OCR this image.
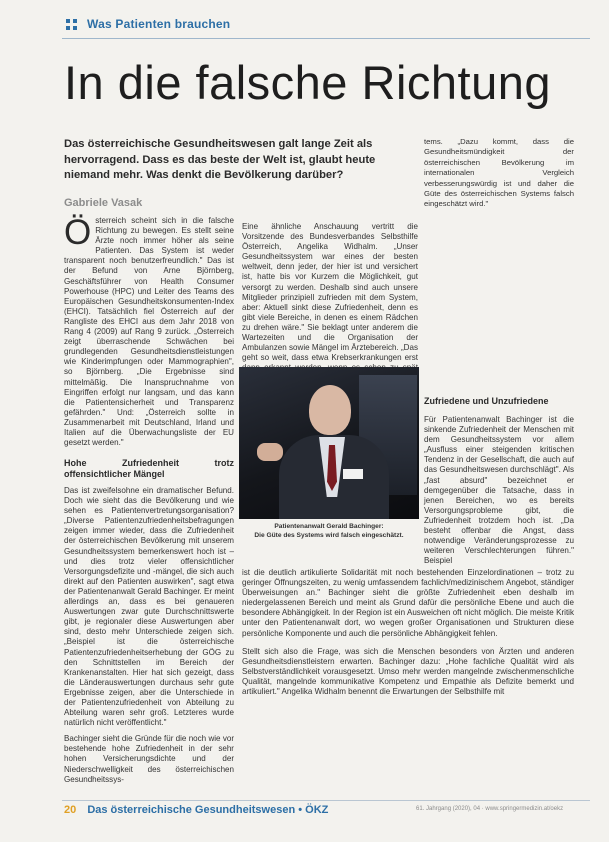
Was Patienten brauchen
In die falsche Richtung
Das österreichische Gesundheitswesen galt lange Zeit als hervorragend. Dass es das beste der Welt ist, glaubt heute niemand mehr. Was denkt die Bevölkerung darüber?
Gabriele Vasak

tems. „Dazu kommt, dass die Gesundheitsmündigkeit der österreichischen Bevölkerung im internationalen Vergleich verbesserungswürdig ist und daher die Güte des österreichischen Systems falsch eingeschätzt wird."

Ö sterreich scheint sich in die falsche Richtung zu bewegen. Es stellt seine Ärzte noch immer höher als seine Patienten. Das System ist weder transparent noch benutzerfreundlich." Das ist der Befund von Arne Björnberg, Geschäftsführer von Health Consumer Powerhouse (HPC) und Leiter des Teams des Europäischen Gesundheitskonsumenten-Index (EHCI). Tatsächlich fiel Österreich auf der Rangliste des EHCI aus dem Jahr 2018 von Rang 4 (2009) auf Rang 9 zurück. „Österreich zeigt überraschende Schwächen bei grundlegenden Gesundheitsdienstleistungen wie Kinderimpfungen oder Mammographien", so Björnberg. „Die Ergebnisse sind mittelmäßig. Die Inanspruchnahme von Eingriffen erfolgt nur langsam, und das kann die Patientensicherheit und Transparenz gefährden." Und: „Österreich sollte in Zusammenarbeit mit Deutschland, Irland und Italien auf die Überwachungsliste der EU gesetzt werden."

Hohe Zufriedenheit trotz offensichtlicher Mängel

Das ist zweifelsohne ein dramatischer Befund. Doch wie sieht das die Bevölkerung und wie sehen es Patientenvertretungsorganisation? „Diverse Patientenzufriedenheitsbefragungen zeigen immer wieder, dass die Zufriedenheit der österreichischen Bevölkerung mit unserem Gesundheitssystem bemerkenswert hoch ist – und dies trotz vieler offensichtlicher Versorgungsdefizite und -mängel, die sich auch direkt auf den Patienten auswirken", sagt etwa der Patientenanwalt Gerald Bachinger. Er meint allerdings an, dass es bei genaueren Auswertungen zwar gute Durchschnittswerte gibt, je regionaler diese Auswertungen aber sind, desto mehr Unterschiede zeigen sich. „Beispiel ist die österreichische Patientenzufriedenheitserhebung der GÖG zu den Schnittstellen im Bereich der Krankenanstalten. Hier hat sich gezeigt, dass die Länderauswertungen durchaus sehr gute Ergebnisse zeigen, aber die Unterschiede in der Patientenzufriedenheit von Abteilung zu Abteilung waren sehr groß. Letzteres wurde natürlich nicht veröffentlicht."

Bachinger sieht die Gründe für die noch wie vor bestehende hohe Zufriedenheit in der sehr hohen Versicherungsdichte und der Niederschwelligkeit des österreichischen Gesundheitssys-

Eine ähnliche Anschauung vertritt die Vorsitzende des Bundesverbandes Selbsthilfe Österreich, Angelika Widhalm. „Unser Gesundheitssystem war eines der besten weltweit, denn jeder, der hier ist und versichert ist, hatte bis vor Kurzem die Möglichkeit, gut versorgt zu werden. Deshalb sind auch unsere Mitglieder prinzipiell zufrieden mit dem System, aber: Aktuell sinkt diese Zufriedenheit, denn es gibt viele Bereiche, in denen es einem Rädchen zu drehen wäre." Sie beklagt unter anderem die Wartezeiten und die Organisation der Ambulanzen sowie Mängel im Ärztebereich. „Das geht so weit, dass etwa Krebserkrankungen erst

Patientenanwalt Gerald Bachinger:
Die Güte des Systems wird falsch eingeschätzt.
Zufriedene und Unzufriedene

Für Patientenanwalt Bachinger ist die sinkende Zufriedenheit der Menschen mit dem Gesundheitssystem vor allem „Ausfluss einer steigenden kritischen Tendenz in der Gesellschaft, die auch auf das Gesundheitswesen durchschlägt". Als „fast absurd" bezeichnet er demgegenüber die Tatsache, dass in jenen Bereichen, wo es bereits Versorgungsprobleme gibt, die Zufriedenheit trotzdem hoch ist. „Da besteht offenbar die Angst, dass notwendige Veränderungsprozesse zu weiteren Verschlechterungen führen." Beispiel

ist die deutlich artikulierte Solidarität mit noch bestehenden Einzelordinationen – trotz zu geringer Öffnungszeiten, zu wenig umfassendem fachlich/medizinischem Angebot, ständiger Überweisungen an." Bachinger sieht die größte Zufriedenheit eben deshalb im niedergelassenen Bereich und meint als Grund dafür die persönliche Ebene und auch die besondere Abhängigkeit. In der Region ist ein Ausweichen oft nicht möglich. Die meiste Kritik unter den Patientenanwalt dort, wo wegen großer Organisationen und Strukturen diese persönliche Komponente und auch die persönliche Abhängigkeit fehlen.

Stellt sich also die Frage, was sich die Menschen besonders von Ärzten und anderen Gesundheitsdienstleistern erwarten. Bachinger dazu: „Hohe fachliche Qualität wird als Selbstverständlichkeit vorausgesetzt. Umso mehr werden mangelnde zwischenmenschliche Qualität, mangelnde kommunikative Kompetenz und Empathie als Defizite bemerkt und artikuliert." Angelika Widhalm benennt die Erwartungen der Selbsthilfe mit

20 Das österreichische Gesundheitswesen • ÖKZ	61. Jahrgang (2020), 04 · www.springermedizin.at/oekz
